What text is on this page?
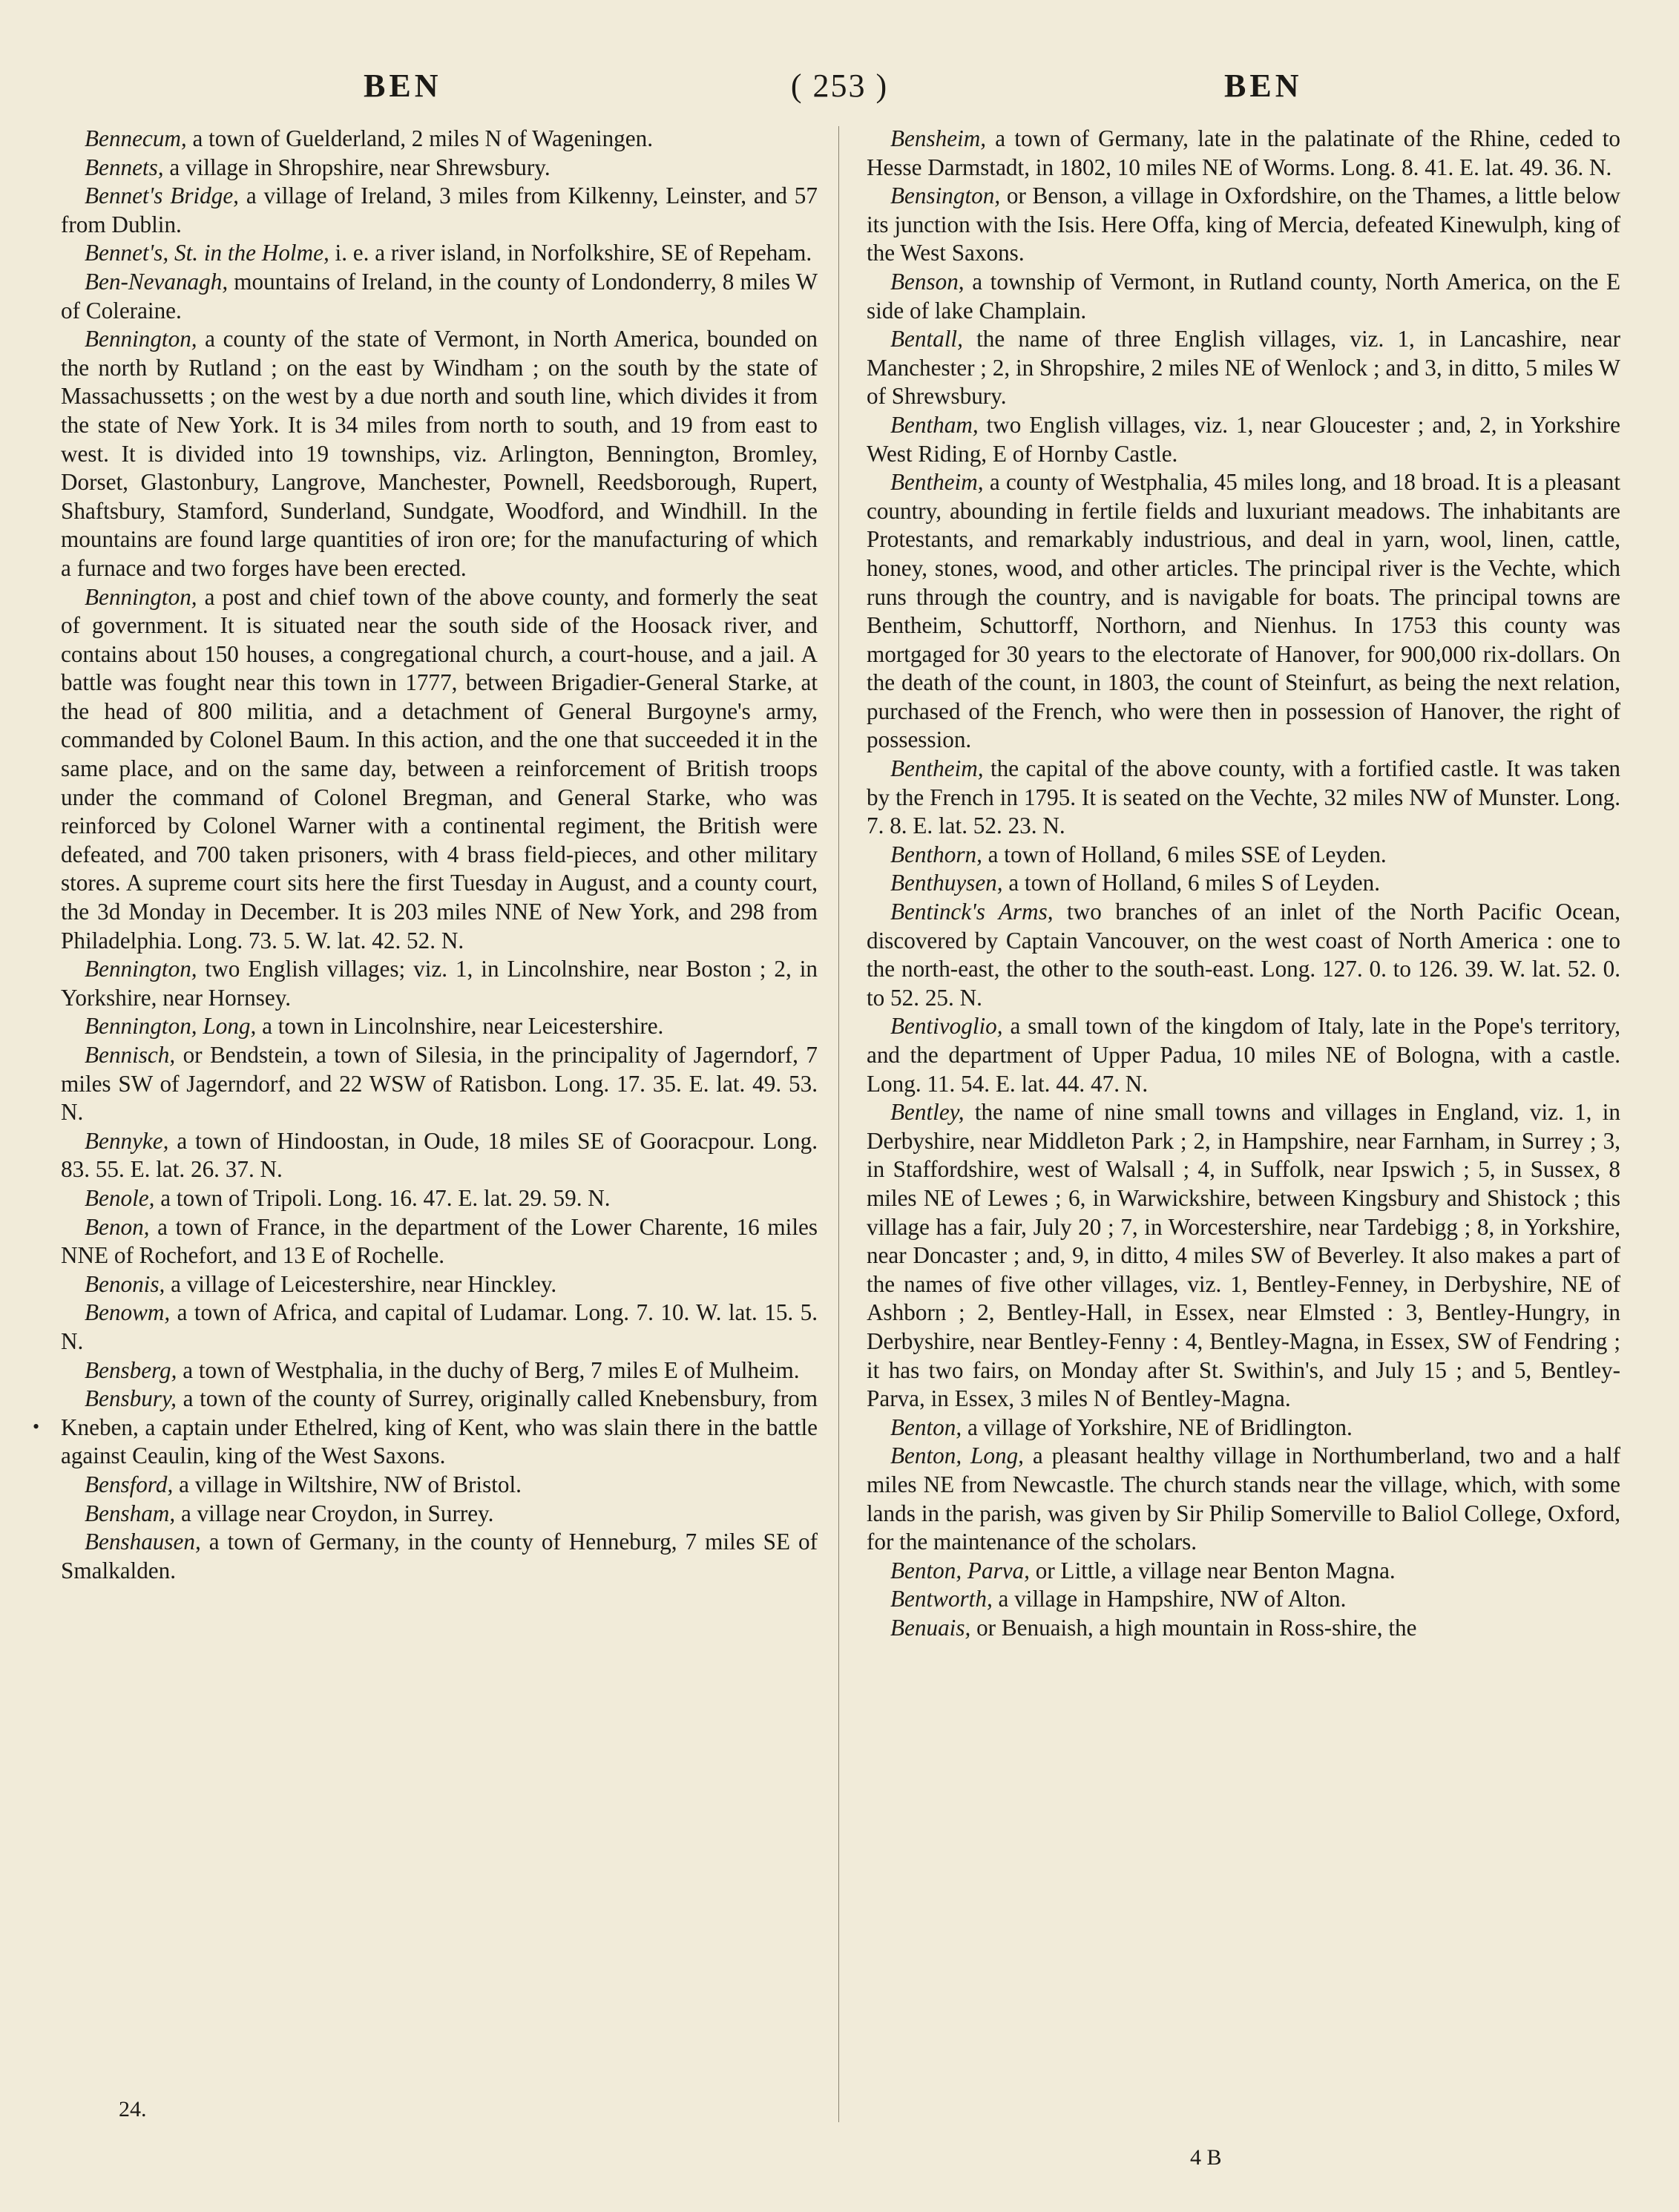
BEN	( 253 )	BEN

Bennecum, a town of Guelderland, 2 miles N of Wageningen.

Bennets, a village in Shropshire, near Shrewsbury.

Bennet's Bridge, a village of Ireland, 3 miles from Kilkenny, Leinster, and 57 from Dublin.

Bennet's, St. in the Holme, i. e. a river island, in Norfolkshire, SE of Repeham.

Ben-Nevanagh, mountains of Ireland, in the county of Londonderry, 8 miles W of Coleraine.

Bennington, a county of the state of Vermont, in North America, bounded on the north by Rutland ; on the east by Windham ; on the south by the state of Massachussetts ; on the west by a due north and south line, which divides it from the state of New York. It is 34 miles from north to south, and 19 from east to west. It is divided into 19 townships, viz. Arlington, Bennington, Bromley, Dorset, Glastonbury, Langrove, Manchester, Pownell, Reedsborough, Rupert, Shaftsbury, Stamford, Sunderland, Sundgate, Woodford, and Windhill. In the mountains are found large quantities of iron ore; for the manufacturing of which a furnace and two forges have been erected.

Bennington, a post and chief town of the above county, and formerly the seat of government. It is situated near the south side of the Hoosack river, and contains about 150 houses, a congregational church, a court-house, and a jail. A battle was fought near this town in 1777, between Brigadier-General Starke, at the head of 800 militia, and a detachment of General Burgoyne's army, commanded by Colonel Baum. In this action, and the one that succeeded it in the same place, and on the same day, between a reinforcement of British troops under the command of Colonel Bregman, and General Starke, who was reinforced by Colonel Warner with a continental regiment, the British were defeated, and 700 taken prisoners, with 4 brass field-pieces, and other military stores. A supreme court sits here the first Tuesday in August, and a county court, the 3d Monday in December. It is 203 miles NNE of New York, and 298 from Philadelphia. Long. 73. 5. W. lat. 42. 52. N.

Bennington, two English villages; viz. 1, in Lincolnshire, near Boston ; 2, in Yorkshire, near Hornsey.

Bennington, Long, a town in Lincolnshire, near Leicestershire.

Bennisch, or Bendstein, a town of Silesia, in the principality of Jagerndorf, 7 miles SW of Jagerndorf, and 22 WSW of Ratisbon. Long. 17. 35. E. lat. 49. 53. N.

Bennyke, a town of Hindoostan, in Oude, 18 miles SE of Gooracpour. Long. 83. 55. E. lat. 26. 37. N.

Benole, a town of Tripoli. Long. 16. 47. E. lat. 29. 59. N.

Benon, a town of France, in the department of the Lower Charente, 16 miles NNE of Rochefort, and 13 E of Rochelle.

Benonis, a village of Leicestershire, near Hinckley.

Benowm, a town of Africa, and capital of Ludamar. Long. 7. 10. W. lat. 15. 5. N.

Bensberg, a town of Westphalia, in the duchy of Berg, 7 miles E of Mulheim.

Bensbury, a town of the county of Surrey, originally called Knebensbury, from Kneben, a captain under Ethelred, king of Kent, who was slain there in the battle against Ceaulin, king of the West Saxons.

Bensford, a village in Wiltshire, NW of Bristol.

Bensham, a village near Croydon, in Surrey.

Benshausen, a town of Germany, in the county of Henneburg, 7 miles SE of Smalkalden.

Bensheim, a town of Germany, late in the palatinate of the Rhine, ceded to Hesse Darmstadt, in 1802, 10 miles NE of Worms. Long. 8. 41. E. lat. 49. 36. N.

Bensington, or Benson, a village in Oxfordshire, on the Thames, a little below its junction with the Isis. Here Offa, king of Mercia, defeated Kinewulph, king of the West Saxons.

Benson, a township of Vermont, in Rutland county, North America, on the E side of lake Champlain.

Bentall, the name of three English villages, viz. 1, in Lancashire, near Manchester ; 2, in Shropshire, 2 miles NE of Wenlock ; and 3, in ditto, 5 miles W of Shrewsbury.

Bentham, two English villages, viz. 1, near Gloucester ; and, 2, in Yorkshire West Riding, E of Hornby Castle.

Bentheim, a county of Westphalia, 45 miles long, and 18 broad. It is a pleasant country, abounding in fertile fields and luxuriant meadows. The inhabitants are Protestants, and remarkably industrious, and deal in yarn, wool, linen, cattle, honey, stones, wood, and other articles. The principal river is the Vechte, which runs through the country, and is navigable for boats. The principal towns are Bentheim, Schuttorff, Northorn, and Nienhus. In 1753 this county was mortgaged for 30 years to the electorate of Hanover, for 900,000 rix-dollars. On the death of the count, in 1803, the count of Steinfurt, as being the next relation, purchased of the French, who were then in possession of Hanover, the right of possession.

Bentheim, the capital of the above county, with a fortified castle. It was taken by the French in 1795. It is seated on the Vechte, 32 miles NW of Munster. Long. 7. 8. E. lat. 52. 23. N.

Benthorn, a town of Holland, 6 miles SSE of Leyden.

Benthuysen, a town of Holland, 6 miles S of Leyden.

Bentinck's Arms, two branches of an inlet of the North Pacific Ocean, discovered by Captain Vancouver, on the west coast of North America : one to the north-east, the other to the south-east. Long. 127. 0. to 126. 39. W. lat. 52. 0. to 52. 25. N.

Bentivoglio, a small town of the kingdom of Italy, late in the Pope's territory, and the department of Upper Padua, 10 miles NE of Bologna, with a castle. Long. 11. 54. E. lat. 44. 47. N.

Bentley, the name of nine small towns and villages in England, viz. 1, in Derbyshire, near Middleton Park ; 2, in Hampshire, near Farnham, in Surrey ; 3, in Staffordshire, west of Walsall ; 4, in Suffolk, near Ipswich ; 5, in Sussex, 8 miles NE of Lewes ; 6, in Warwickshire, between Kingsbury and Shistock ; this village has a fair, July 20 ; 7, in Worcestershire, near Tardebigg ; 8, in Yorkshire, near Doncaster ; and, 9, in ditto, 4 miles SW of Beverley. It also makes a part of the names of five other villages, viz. 1, Bentley-Fenney, in Derbyshire, NE of Ashborn ; 2, Bentley-Hall, in Essex, near Elmsted : 3, Bentley-Hungry, in Derbyshire, near Bentley-Fenny : 4, Bentley-Magna, in Essex, SW of Fendring ; it has two fairs, on Monday after St. Swithin's, and July 15 ; and 5, Bentley-Parva, in Essex, 3 miles N of Bentley-Magna.

Benton, a village of Yorkshire, NE of Bridlington.

Benton, Long, a pleasant healthy village in Northumberland, two and a half miles NE from Newcastle. The church stands near the village, which, with some lands in the parish, was given by Sir Philip Somerville to Baliol College, Oxford, for the maintenance of the scholars.

Benton, Parva, or Little, a village near Benton Magna.

Bentworth, a village in Hampshire, NW of Alton.

Benuais, or Benuaish, a high mountain in Ross-shire, the

•
24.
4 B
